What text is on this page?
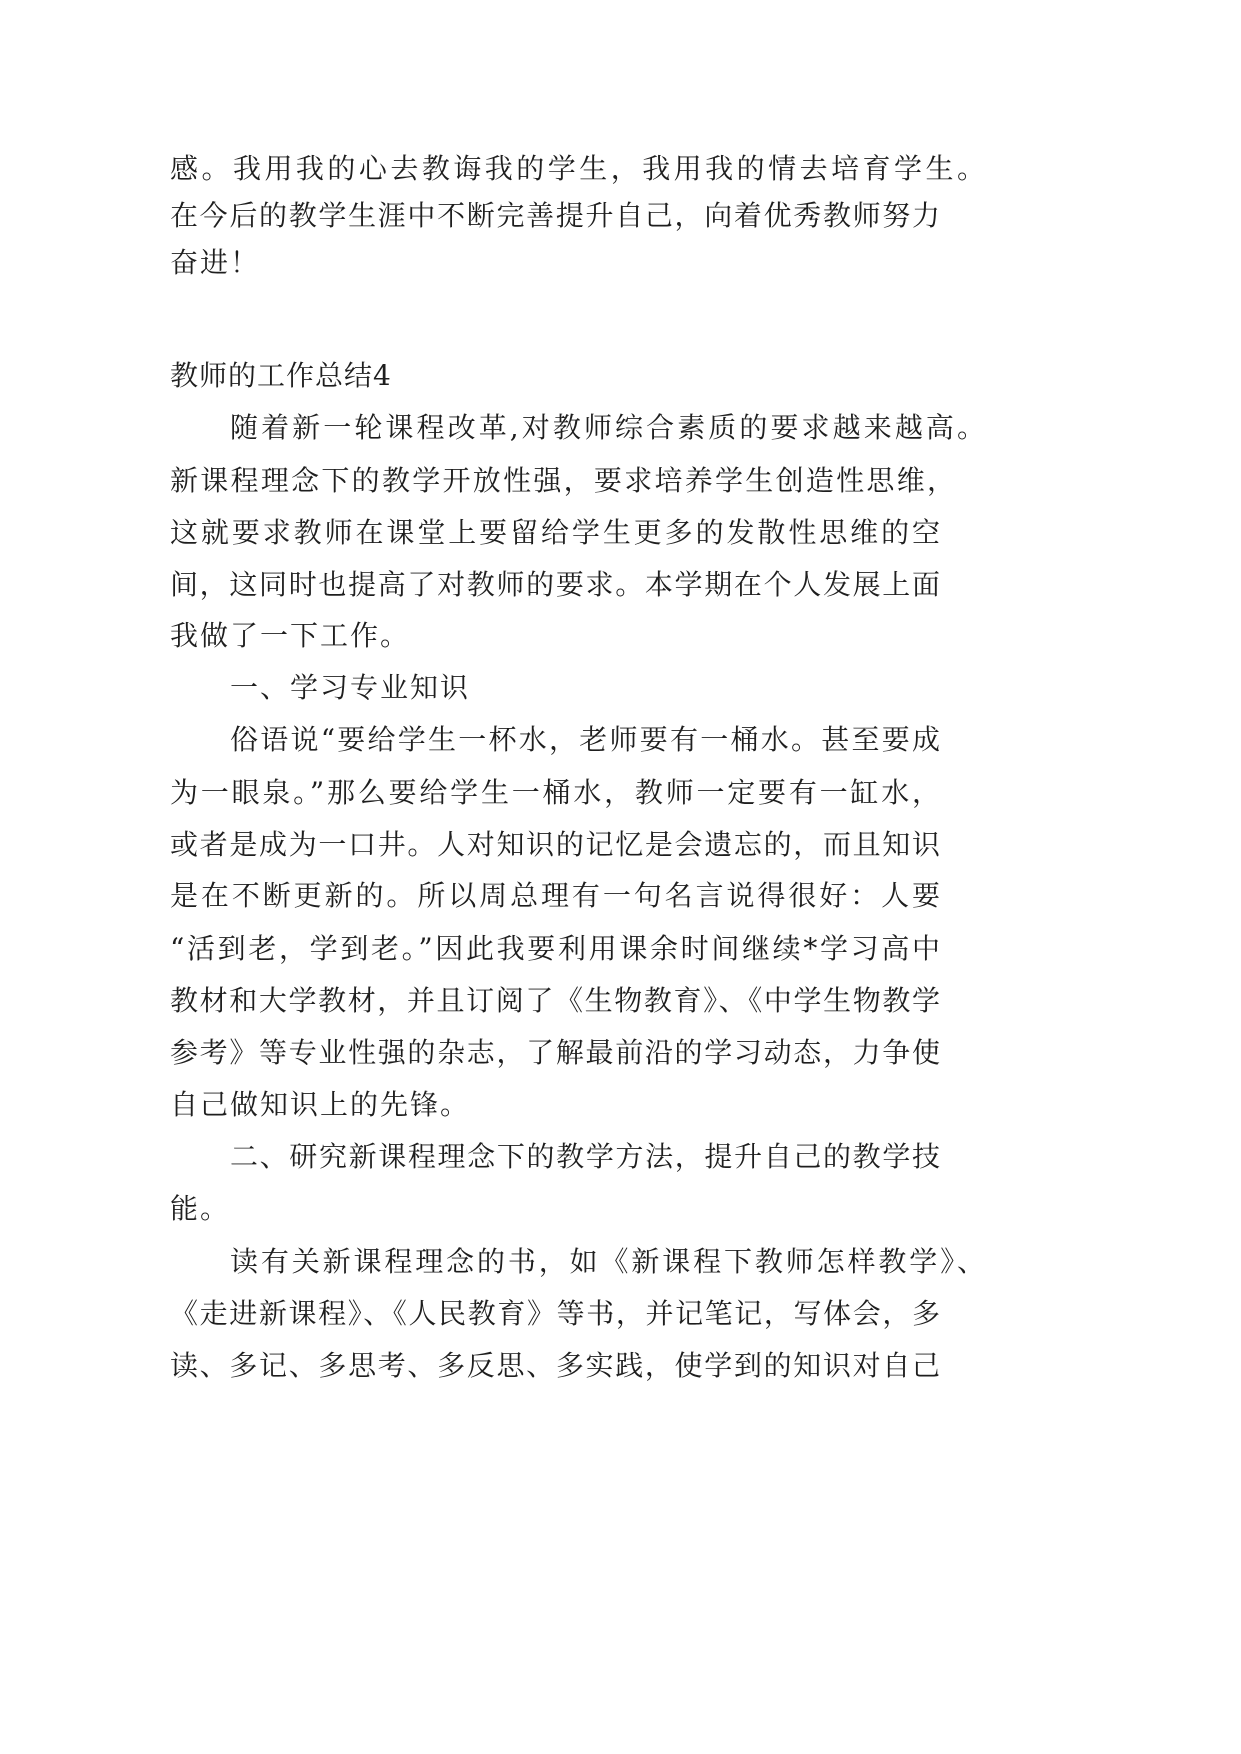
感。我用我的心去教诲我的学生，我用我的情去培育学生。
在今后的教学生涯中不断完善提升自己，向着优秀教师努力
奋进！
教师的工作总结4
随着新一轮课程改革,对教师综合素质的要求越来越高。
新课程理念下的教学开放性强，要求培养学生创造性思维，
这就要求教师在课堂上要留给学生更多的发散性思维的空
间，这同时也提高了对教师的要求。本学期在个人发展上面
我做了一下工作。
一、学习专业知识
俗语说“要给学生一杯水，老师要有一桶水。甚至要成
为一眼泉。”那么要给学生一桶水，教师一定要有一缸水，
或者是成为一口井。人对知识的记忆是会遗忘的，而且知识
是在不断更新的。所以周总理有一句名言说得很好：人要
“活到老，学到老。”因此我要利用课余时间继续*学习高中
教材和大学教材，并且订阅了《生物教育》、《中学生物教学
参考》等专业性强的杂志，了解最前沿的学习动态，力争使
自己做知识上的先锋。
二、研究新课程理念下的教学方法，提升自己的教学技
能。
读有关新课程理念的书，如《新课程下教师怎样教学》、
《走进新课程》、《人民教育》等书，并记笔记，写体会，多
读、多记、多思考、多反思、多实践，使学到的知识对自己
